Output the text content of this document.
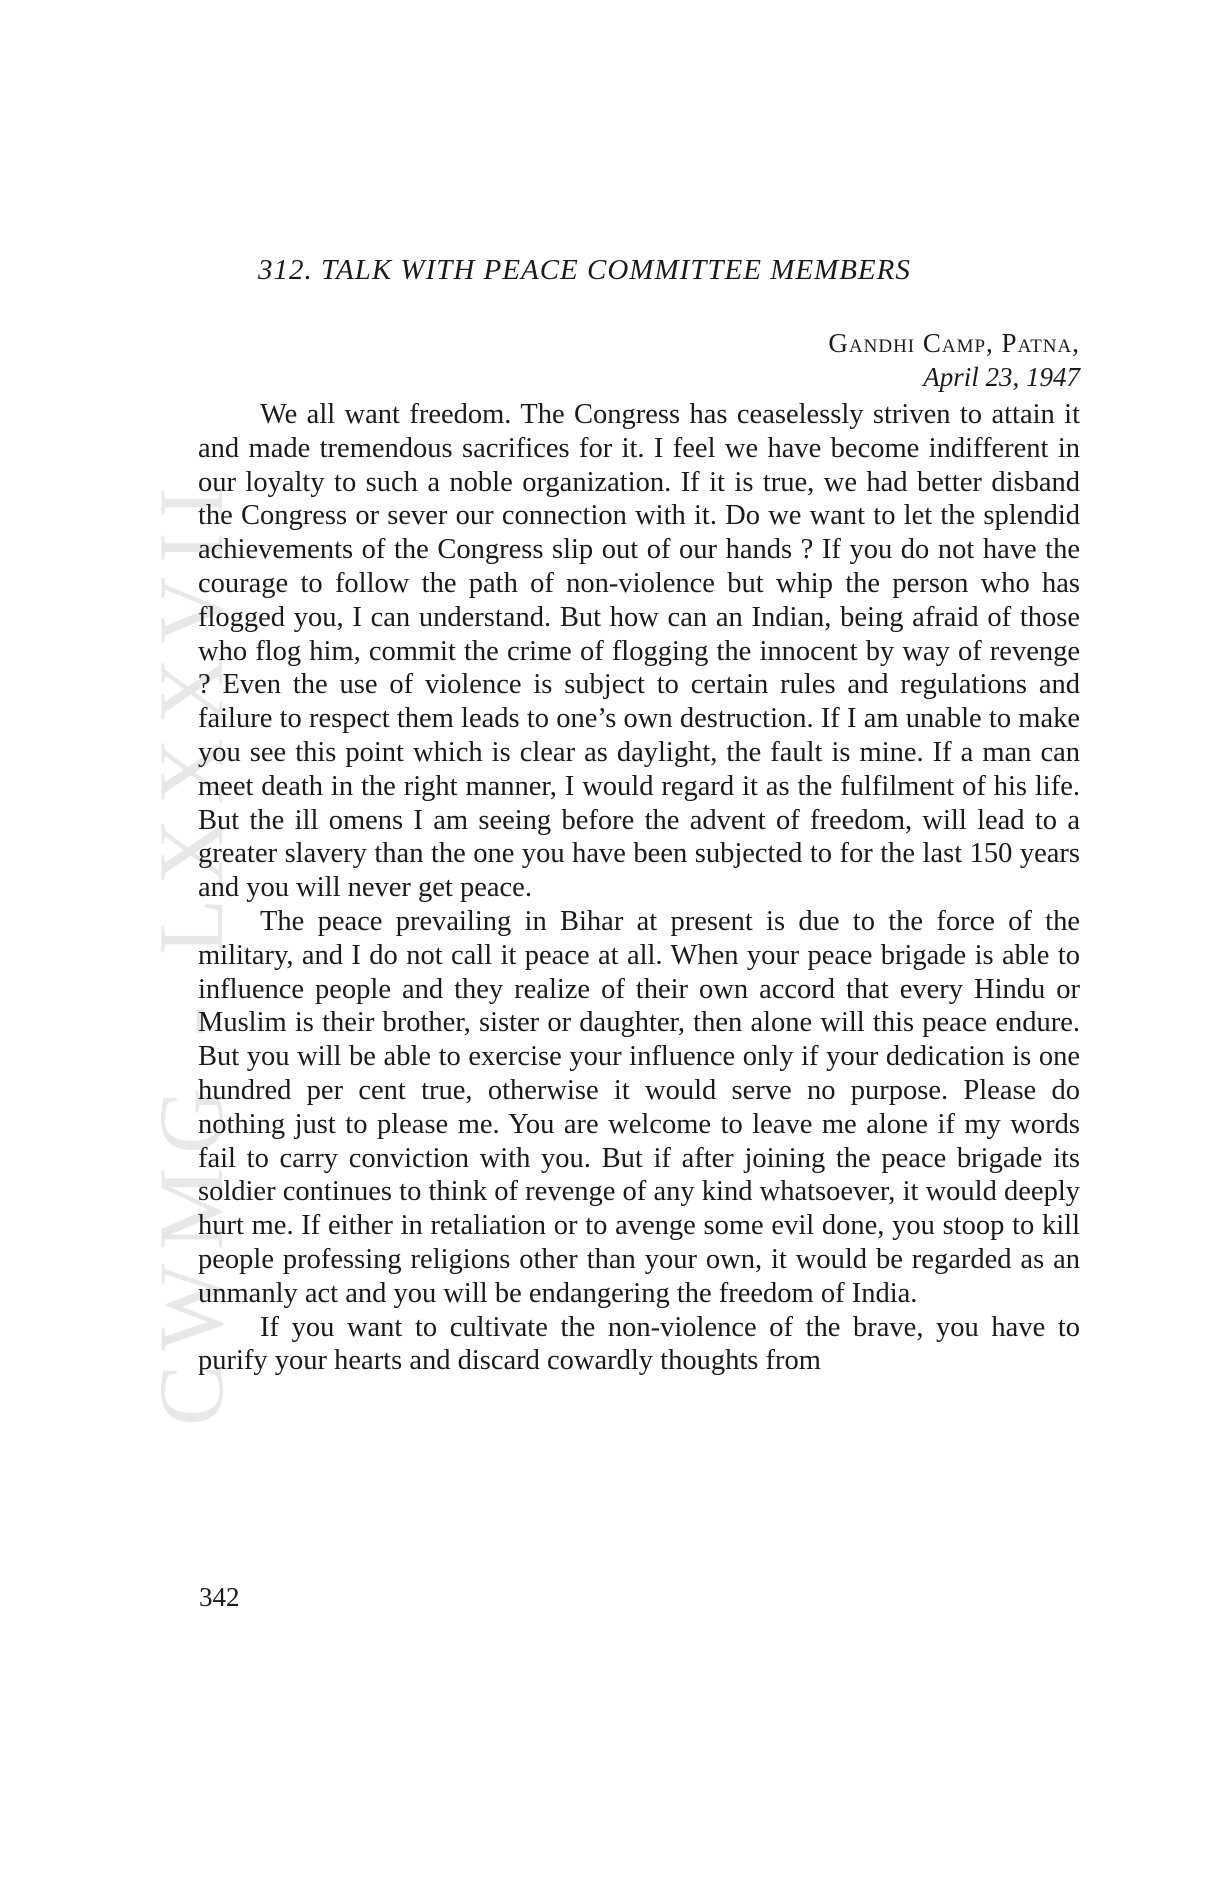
CWMG - LXXXVII
312. TALK WITH PEACE COMMITTEE MEMBERS
Gandhi Camp, Patna,
April 23, 1947

We all want freedom. The Congress has ceaselessly striven to attain it and made tremendous sacrifices for it. I feel we have become indifferent in our loyalty to such a noble organization. If it is true, we had better disband the Congress or sever our connection with it. Do we want to let the splendid achievements of the Congress slip out of our hands ? If you do not have the courage to follow the path of non-violence but whip the person who has flogged you, I can understand. But how can an Indian, being afraid of those who flog him, commit the crime of flogging the innocent by way of revenge ? Even the use of violence is subject to certain rules and regulations and failure to respect them leads to one’s own destruction. If I am unable to make you see this point which is clear as daylight, the fault is mine. If a man can meet death in the right manner, I would regard it as the fulfilment of his life. But the ill omens I am seeing before the advent of freedom, will lead to a greater slavery than the one you have been subjected to for the last 150 years and you will never get peace.

The peace prevailing in Bihar at present is due to the force of the military, and I do not call it peace at all. When your peace brigade is able to influence people and they realize of their own accord that every Hindu or Muslim is their brother, sister or daughter, then alone will this peace endure. But you will be able to exercise your influence only if your dedication is one hundred per cent true, otherwise it would serve no purpose. Please do nothing just to please me. You are welcome to leave me alone if my words fail to carry conviction with you. But if after joining the peace brigade its soldier continues to think of revenge of any kind whatsoever, it would deeply hurt me. If either in retaliation or to avenge some evil done, you stoop to kill people professing religions other than your own, it would be regarded as an unmanly act and you will be endangering the freedom of India.

If you want to cultivate the non-violence of the brave, you have to purify your hearts and discard cowardly thoughts from

342
